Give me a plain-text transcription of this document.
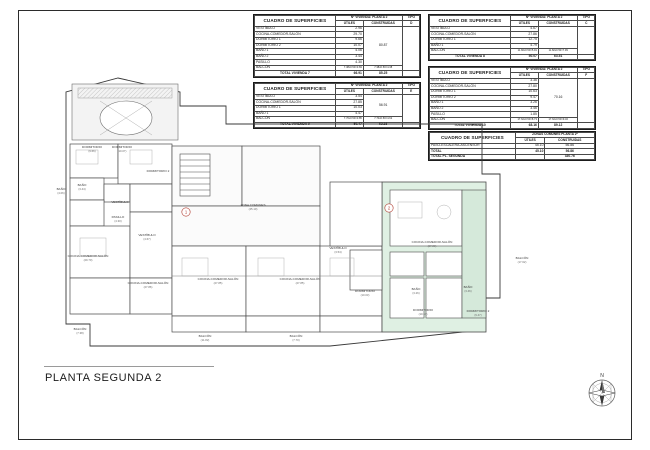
CUADRO DE SUPERFICIES	Nº VIVIENDA: PLANTA 2		TIPO
	ÚTILES	CONSTRUIDAS	D
VESTÍBULO	2.96	80.87	
COCINA-COMEDOR-SALÓN	29.70		
DORMITORIO 1	9.66		
DORMITORIO 2	10.07		
BAÑO 1	4.06		
BAÑO 2	3.44		
PASILLO	4.30		
BALCÓN	7.38x0.50=3.69	7.38x0.50=4.38	
TOTAL VIVIENDA 7	66.91	85.25	
CUADRO DE SUPERFICIES	Nº VIVIENDA: PLANTA 2		TIPO
	ÚTILES	CONSTRUIDAS	C
VESTÍBULO	4.67		
COCINA-COMEDOR-SALÓN	27.86		
DORMITORIO 1	12.75		
BAÑO 1	4.79		
BALCÓN	11.82x0.50=5.91	11.82x0.50=7.09	
TOTAL VIVIENDA 8	50.07	63.51	
CUADRO DE SUPERFICIES	Nº VIVIENDA: PLANTA 2		TIPO
	ÚTILES	CONSTRUIDAS	E
VESTÍBULO	3.54	56.91	
COCINA-COMEDOR-SALÓN	27.85		
DORMITORIO 1	10.03		
BAÑO 1	4.47		
BALCÓN	7.70x0.50=3.85	7.70x0.50=4.62	
TOTAL VIVIENDA 9	50.47	63.16	
CUADRO DE SUPERFICIES	Nº VIVIENDA: PLANTA 2		TIPO
	ÚTILES	CONSTRUIDAS	F
VESTÍBULO	3.36	70.16	
COCINA-COMEDOR-SALÓN	27.80		
DORMITORIO 1	10.63		
DORMITORIO 2	9.47		
BAÑO 1	3.26		
BAÑO 2	3.46		
PASILLO	1.85		
BALCÓN	17.62x0.50=8.73	17.62x0.50=9.32	
TOTAL VIVIENDA 10	68.16	89.12	
CUADRO DE SUPERFICIES	ZONAS COMUNES PLANTA 2ª	
	ÚTILES	CONSTRUIDAS
PASO-ESCALERA-ASCENSOR	45.10	56.86
TOTAL	45.10	56.86
TOTAL PL. SEGUNDA		330.76
1
2
DORMITORIO
(9.66)
DORMITORIO 2
BAÑO
(3.44)
VESTÍBULO
PASILLO
(4.30)
ZONA COMUNES
(45.10)
COCINA-COMEDOR-SALÓN
(29.70)
COCINA-COMEDOR-SALÓN
(27.86)
COCINA-COMEDOR-SALÓN
(27.85)
COCINA-COMEDOR-SALÓN
(27.85)
COCINA-COMEDOR-SALÓN
(27.80)
DORMITORIO
(10.03)
DORMITORIO
(10.63)
DORMITORIO 2
(9.47)
BAÑO
(3.26)
BAÑO
(3.46)
BALCÓN
(11.82)
BALCÓN
(7.70)
BALCÓN
(17.62)
BALCÓN
(7.38)
VESTÍBULO
(4.67)
VESTÍBULO
(3.54)
BAÑO
(4.06)
DORMITORIO
(10.07)
PLANTA SEGUNDA 2	N
